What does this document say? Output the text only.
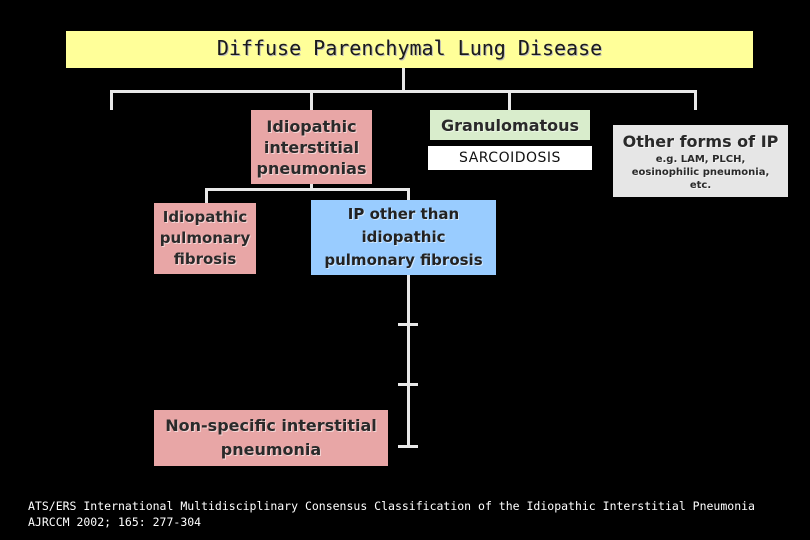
Diffuse Parenchymal Lung Disease
Idiopathic
interstitial
pneumonias
Granulomatous
SARCOIDOSIS
Other forms of IP
e.g. LAM, PLCH,
eosinophilic pneumonia,
etc.
Idiopathic
pulmonary
fibrosis
IP other than
idiopathic
pulmonary fibrosis
Non-specific interstitial
pneumonia
ATS/ERS International Multidisciplinary Consensus Classification of the Idiopathic Interstitial Pneumonia
AJRCCM 2002; 165: 277-304
